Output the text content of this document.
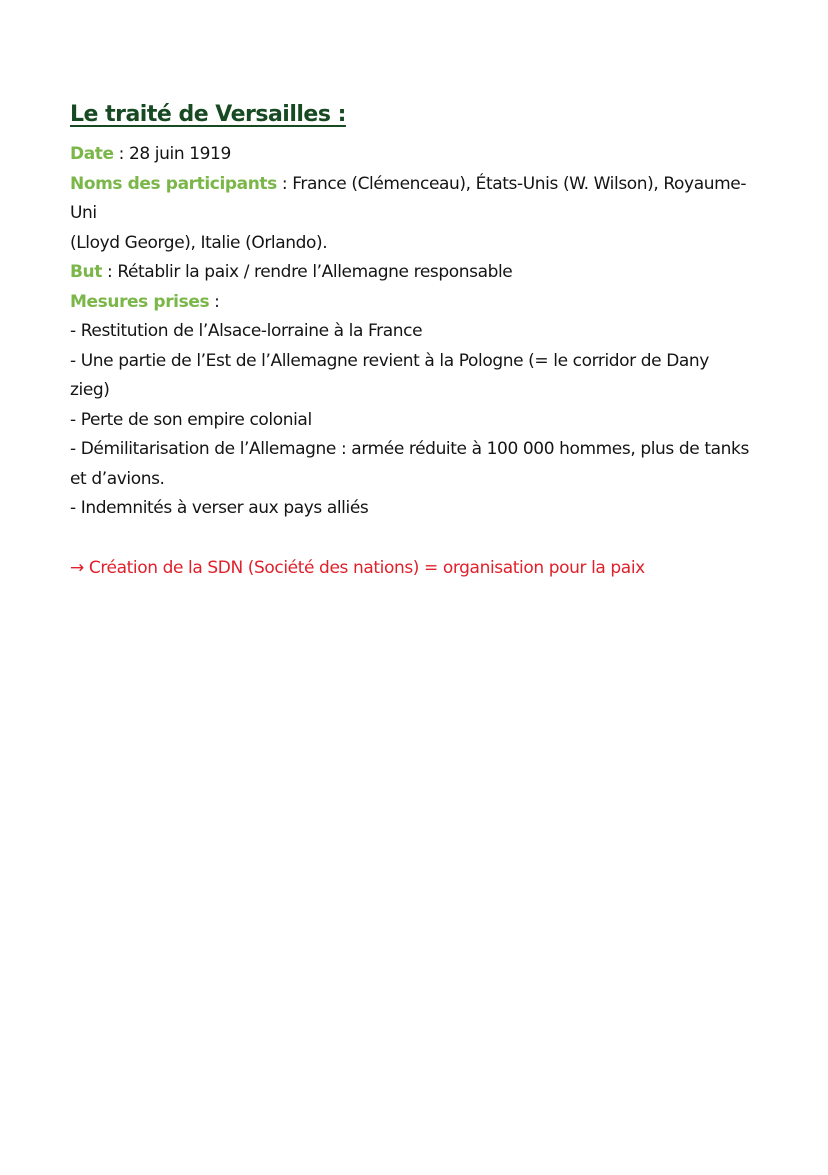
Le traité de Versailles :

Date : 28 juin 1919

Noms des participants : France (Clémenceau), États-Unis (W. Wilson), Royaume-Uni

(Lloyd George), Italie (Orlando).

But : Rétablir la paix / rendre l’Allemagne responsable

Mesures prises :

- Restitution de l’Alsace-lorraine à la France

- Une partie de l’Est de l’Allemagne revient à la Pologne (= le corridor de Dany

zieg)

- Perte de son empire colonial

- Démilitarisation de l’Allemagne : armée réduite à 100 000 hommes, plus de tanks

et d’avions.

- Indemnités à verser aux pays alliés

→ Création de la SDN (Société des nations) = organisation pour la paix
